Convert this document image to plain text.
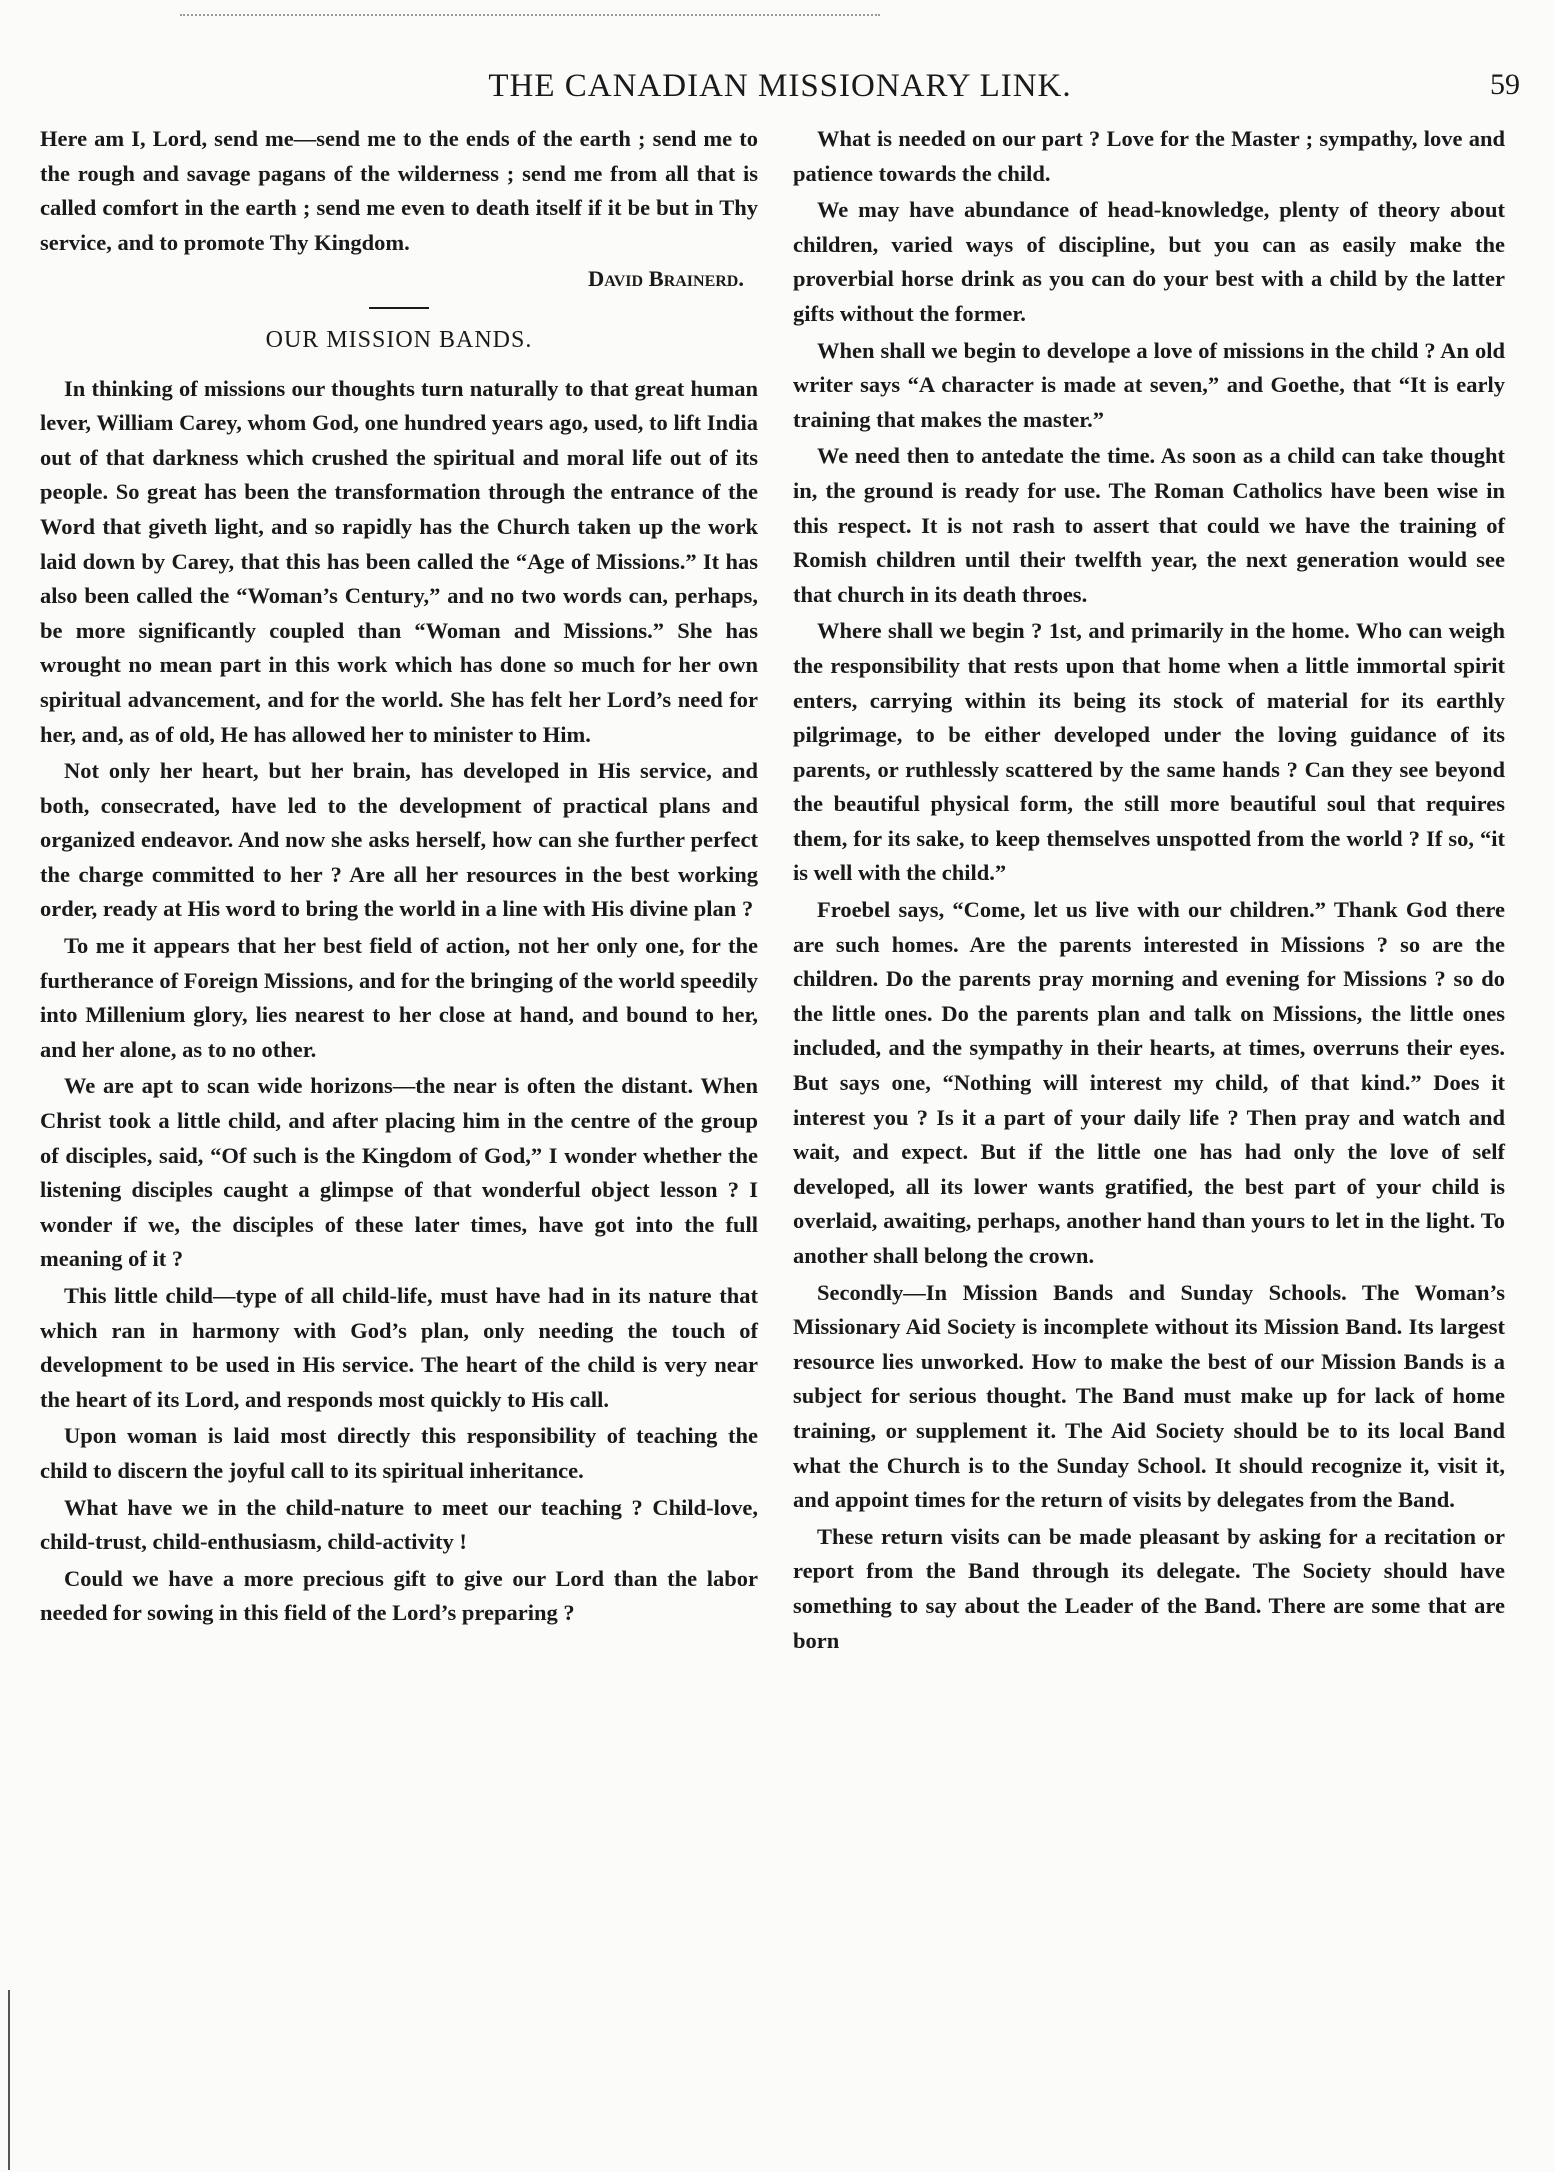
THE CANADIAN MISSIONARY LINK.	59

Here am I, Lord, send me—send me to the ends of the earth ; send me to the rough and savage pagans of the wilderness ; send me from all that is called comfort in the earth ; send me even to death itself if it be but in Thy service, and to promote Thy Kingdom.

David Brainerd.
OUR MISSION BANDS.

In thinking of missions our thoughts turn naturally to that great human lever, William Carey, whom God, one hundred years ago, used, to lift India out of that darkness which crushed the spiritual and moral life out of its people. So great has been the transformation through the entrance of the Word that giveth light, and so rapidly has the Church taken up the work laid down by Carey, that this has been called the “Age of Missions.” It has also been called the “Woman’s Century,” and no two words can, perhaps, be more significantly coupled than “Woman and Missions.” She has wrought no mean part in this work which has done so much for her own spiritual advancement, and for the world. She has felt her Lord’s need for her, and, as of old, He has allowed her to minister to Him.

Not only her heart, but her brain, has developed in His service, and both, consecrated, have led to the development of practical plans and organized endeavor. And now she asks herself, how can she further perfect the charge committed to her ? Are all her resources in the best working order, ready at His word to bring the world in a line with His divine plan ?

To me it appears that her best field of action, not her only one, for the furtherance of Foreign Missions, and for the bringing of the world speedily into Millenium glory, lies nearest to her close at hand, and bound to her, and her alone, as to no other.

We are apt to scan wide horizons—the near is often the distant. When Christ took a little child, and after placing him in the centre of the group of disciples, said, “Of such is the Kingdom of God,” I wonder whether the listening disciples caught a glimpse of that wonderful object lesson ? I wonder if we, the disciples of these later times, have got into the full meaning of it ?

This little child—type of all child-life, must have had in its nature that which ran in harmony with God’s plan, only needing the touch of development to be used in His service. The heart of the child is very near the heart of its Lord, and responds most quickly to His call.

Upon woman is laid most directly this responsibility of teaching the child to discern the joyful call to its spiritual inheritance.

What have we in the child-nature to meet our teaching ? Child-love, child-trust, child-enthusiasm, child-activity !

Could we have a more precious gift to give our Lord than the labor needed for sowing in this field of the Lord’s preparing ?

What is needed on our part ? Love for the Master ; sympathy, love and patience towards the child.

We may have abundance of head-knowledge, plenty of theory about children, varied ways of discipline, but you can as easily make the proverbial horse drink as you can do your best with a child by the latter gifts without the former.

When shall we begin to develope a love of missions in the child ? An old writer says “A character is made at seven,” and Goethe, that “It is early training that makes the master.”

We need then to antedate the time. As soon as a child can take thought in, the ground is ready for use. The Roman Catholics have been wise in this respect. It is not rash to assert that could we have the training of Romish children until their twelfth year, the next generation would see that church in its death throes.

Where shall we begin ? 1st, and primarily in the home. Who can weigh the responsibility that rests upon that home when a little immortal spirit enters, carrying within its being its stock of material for its earthly pilgrimage, to be either developed under the loving guidance of its parents, or ruthlessly scattered by the same hands ? Can they see beyond the beautiful physical form, the still more beautiful soul that requires them, for its sake, to keep themselves unspotted from the world ? If so, “it is well with the child.”

Froebel says, “Come, let us live with our children.” Thank God there are such homes. Are the parents interested in Missions ? so are the children. Do the parents pray morning and evening for Missions ? so do the little ones. Do the parents plan and talk on Missions, the little ones included, and the sympathy in their hearts, at times, overruns their eyes. But says one, “Nothing will interest my child, of that kind.” Does it interest you ? Is it a part of your daily life ? Then pray and watch and wait, and expect. But if the little one has had only the love of self developed, all its lower wants gratified, the best part of your child is overlaid, awaiting, perhaps, another hand than yours to let in the light. To another shall belong the crown.

Secondly—In Mission Bands and Sunday Schools. The Woman’s Missionary Aid Society is incomplete without its Mission Band. Its largest resource lies unworked. How to make the best of our Mission Bands is a subject for serious thought. The Band must make up for lack of home training, or supplement it. The Aid Society should be to its local Band what the Church is to the Sunday School. It should recognize it, visit it, and appoint times for the return of visits by delegates from the Band.

These return visits can be made pleasant by asking for a recitation or report from the Band through its delegate. The Society should have something to say about the Leader of the Band. There are some that are born
